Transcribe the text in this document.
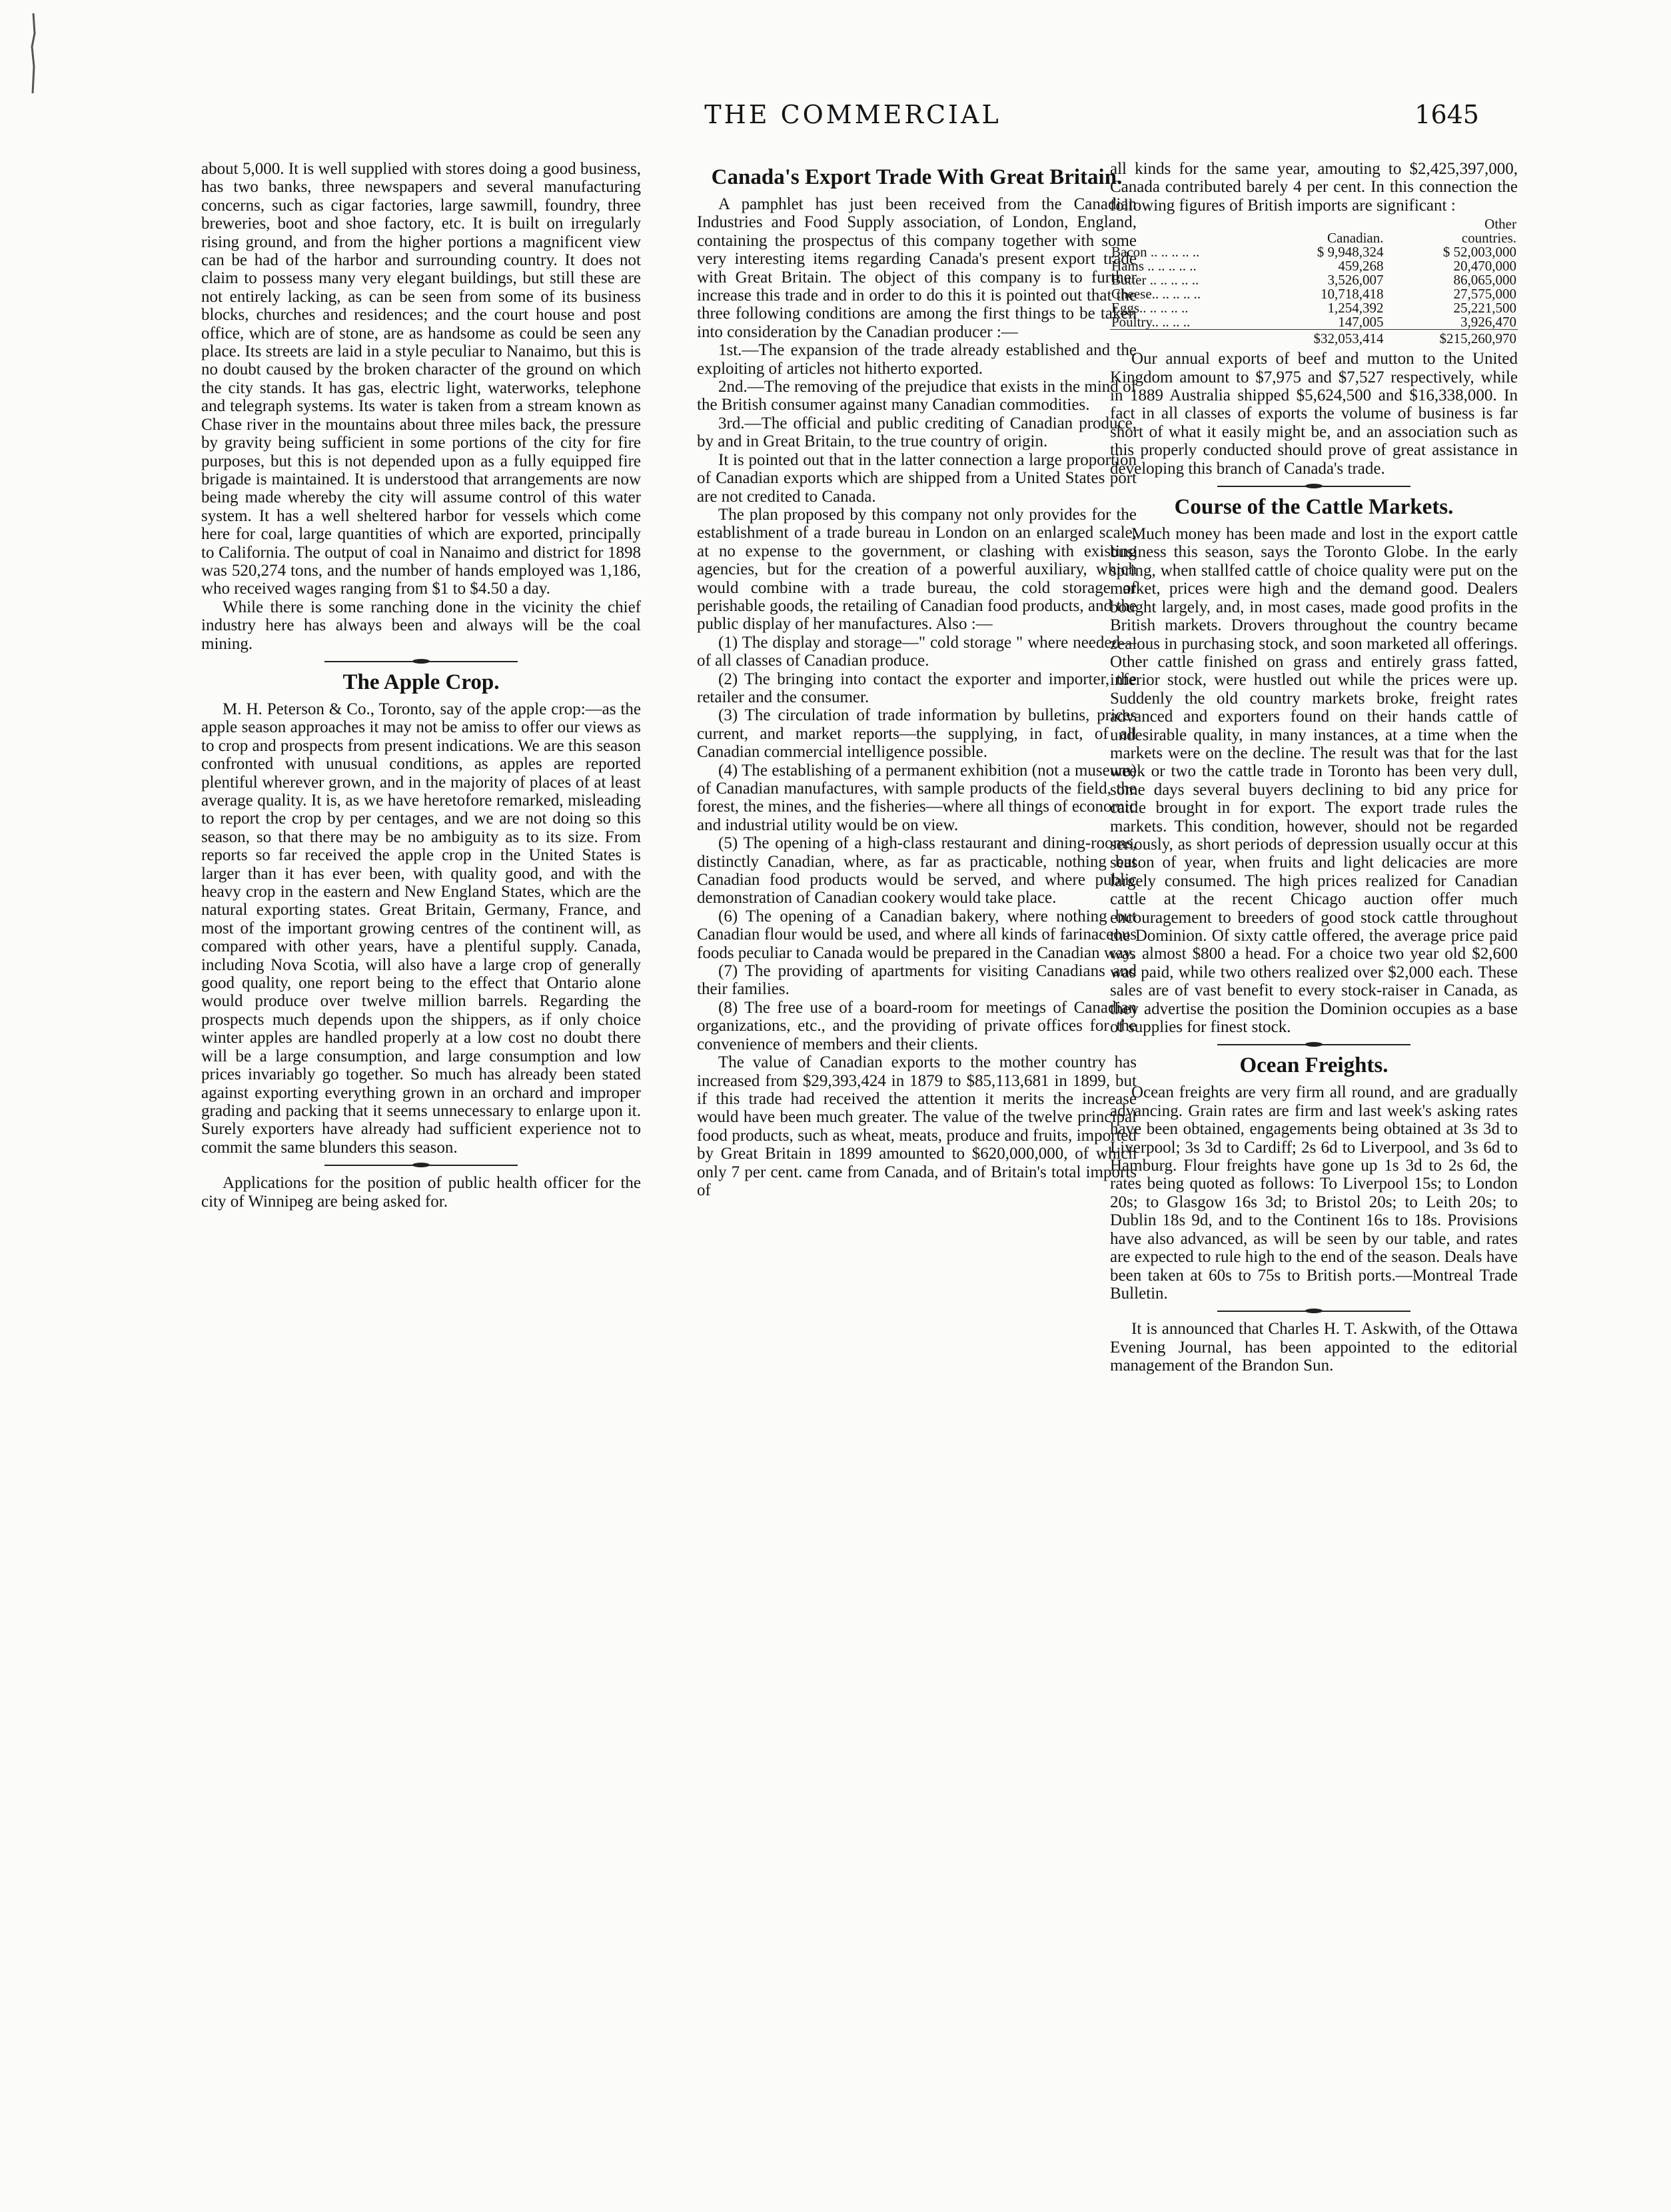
THE COMMERCIAL	1645

about 5,000. It is well supplied with stores doing a good business, has two banks, three newspapers and several manufacturing concerns, such as cigar factories, large sawmill, foundry, three breweries, boot and shoe factory, etc. It is built on irregularly rising ground, and from the higher portions a magnificent view can be had of the harbor and surrounding country. It does not claim to possess many very elegant buildings, but still these are not entirely lacking, as can be seen from some of its business blocks, churches and residences; and the court house and post office, which are of stone, are as handsome as could be seen any place. Its streets are laid in a style peculiar to Nanaimo, but this is no doubt caused by the broken character of the ground on which the city stands. It has gas, electric light, waterworks, telephone and telegraph systems. Its water is taken from a stream known as Chase river in the mountains about three miles back, the pressure by gravity being sufficient in some portions of the city for fire purposes, but this is not depended upon as a fully equipped fire brigade is maintained. It is understood that arrangements are now being made whereby the city will assume control of this water system. It has a well sheltered harbor for vessels which come here for coal, large quantities of which are exported, principally to California. The output of coal in Nanaimo and district for 1898 was 520,274 tons, and the number of hands employed was 1,186, who received wages ranging from $1 to $4.50 a day.

While there is some ranching done in the vicinity the chief industry here has always been and always will be the coal mining.

The Apple Crop.

M. H. Peterson & Co., Toronto, say of the apple crop:—as the apple season approaches it may not be amiss to offer our views as to crop and prospects from present indications. We are this season confronted with unusual conditions, as apples are reported plentiful wherever grown, and in the majority of places of at least average quality. It is, as we have heretofore remarked, misleading to report the crop by per centages, and we are not doing so this season, so that there may be no ambiguity as to its size. From reports so far received the apple crop in the United States is larger than it has ever been, with quality good, and with the heavy crop in the eastern and New England States, which are the natural exporting states. Great Britain, Germany, France, and most of the important growing centres of the continent will, as compared with other years, have a plentiful supply. Canada, including Nova Scotia, will also have a large crop of generally good quality, one report being to the effect that Ontario alone would produce over twelve million barrels. Regarding the prospects much depends upon the shippers, as if only choice winter apples are handled properly at a low cost no doubt there will be a large consumption, and large consumption and low prices invariably go together. So much has already been stated against exporting everything grown in an orchard and improper grading and packing that it seems unnecessary to enlarge upon it. Surely exporters have already had sufficient experience not to commit the same blunders this season.

Applications for the position of public health officer for the city of Winnipeg are being asked for.

Canada's Export Trade With Great Britain.

A pamphlet has just been received from the Canadian Industries and Food Supply association, of London, England, containing the prospectus of this company together with some very interesting items regarding Canada's present export trade with Great Britain. The object of this company is to further increase this trade and in order to do this it is pointed out that the three following conditions are among the first things to be taken into consideration by the Canadian producer :—

1st.—The expansion of the trade already established and the exploiting of articles not hitherto exported.

2nd.—The removing of the prejudice that exists in the mind of the British consumer against many Canadian commodities.

3rd.—The official and public crediting of Canadian produce, by and in Great Britain, to the true country of origin.

It is pointed out that in the latter connection a large proportion of Canadian exports which are shipped from a United States port are not credited to Canada.

The plan proposed by this company not only provides for the establishment of a trade bureau in London on an enlarged scale, at no expense to the government, or clashing with existing agencies, but for the creation of a powerful auxiliary, which would combine with a trade bureau, the cold storage of perishable goods, the retailing of Canadian food products, and the public display of her manufactures. Also :—

(1) The display and storage—" cold storage " where needed—of all classes of Canadian produce.

(2) The bringing into contact the exporter and importer, the retailer and the consumer.

(3) The circulation of trade information by bulletins, prices current, and market reports—the supplying, in fact, of all Canadian commercial intelligence possible.

(4) The establishing of a permanent exhibition (not a museum) of Canadian manufactures, with sample products of the field, the forest, the mines, and the fisheries—where all things of economic and industrial utility would be on view.

(5) The opening of a high-class restaurant and dining-rooms, distinctly Canadian, where, as far as practicable, nothing but Canadian food products would be served, and where public demonstration of Canadian cookery would take place.

(6) The opening of a Canadian bakery, where nothing but Canadian flour would be used, and where all kinds of farinaceous foods peculiar to Canada would be prepared in the Canadian way.

(7) The providing of apartments for visiting Canadians and their families.

(8) The free use of a board-room for meetings of Canadian organizations, etc., and the providing of private offices for the convenience of members and their clients.

The value of Canadian exports to the mother country has increased from $29,393,424 in 1879 to $85,113,681 in 1899, but if this trade had received the attention it merits the increase would have been much greater. The value of the twelve principal food products, such as wheat, meats, produce and fruits, imported by Great Britain in 1899 amounted to $620,000,000, of which only 7 per cent. came from Canada, and of Britain's total imports of

all kinds for the same year, amouting to $2,425,397,000, Canada contributed barely 4 per cent. In this connection the following figures of British imports are significant :

		Other
	Canadian.	countries.
Bacon .. .. .. .. ..	$ 9,948,324	$ 52,003,000
Hams .. .. .. .. ..	459,268	20,470,000
Butter .. .. .. .. ..	3,526,007	86,065,000
Cheese.. .. .. .. ..	10,718,418	27,575,000
Eggs.. .. .. .. ..	1,254,392	25,221,500
Poultry.. .. .. ..	147,005	3,926,470
	$32,053,414	$215,260,970

Our annual exports of beef and mutton to the United Kingdom amount to $7,975 and $7,527 respectively, while in 1889 Australia shipped $5,624,500 and $16,338,000. In fact in all classes of exports the volume of business is far short of what it easily might be, and an association such as this properly conducted should prove of great assistance in developing this branch of Canada's trade.

Course of the Cattle Markets.

Much money has been made and lost in the export cattle business this season, says the Toronto Globe. In the early spring, when stallfed cattle of choice quality were put on the market, prices were high and the demand good. Dealers bought largely, and, in most cases, made good profits in the British markets. Drovers throughout the country became zealous in purchasing stock, and soon marketed all offerings. Other cattle finished on grass and entirely grass fatted, inferior stock, were hustled out while the prices were up. Suddenly the old country markets broke, freight rates advanced and exporters found on their hands cattle of undesirable quality, in many instances, at a time when the markets were on the decline. The result was that for the last week or two the cattle trade in Toronto has been very dull, some days several buyers declining to bid any price for cattle brought in for export. The export trade rules the markets. This condition, however, should not be regarded seriously, as short periods of depression usually occur at this season of year, when fruits and light delicacies are more largely consumed. The high prices realized for Canadian cattle at the recent Chicago auction offer much encouragement to breeders of good stock cattle throughout the Dominion. Of sixty cattle offered, the average price paid was almost $800 a head. For a choice two year old $2,600 was paid, while two others realized over $2,000 each. These sales are of vast benefit to every stock-raiser in Canada, as they advertise the position the Dominion occupies as a base of supplies for finest stock.

Ocean Freights.

Ocean freights are very firm all round, and are gradually advancing. Grain rates are firm and last week's asking rates have been obtained, engagements being obtained at 3s 3d to Liverpool; 3s 3d to Cardiff; 2s 6d to Liverpool, and 3s 6d to Hamburg. Flour freights have gone up 1s 3d to 2s 6d, the rates being quoted as follows: To Liverpool 15s; to London 20s; to Glasgow 16s 3d; to Bristol 20s; to Leith 20s; to Dublin 18s 9d, and to the Continent 16s to 18s. Provisions have also advanced, as will be seen by our table, and rates are expected to rule high to the end of the season. Deals have been taken at 60s to 75s to British ports.—Montreal Trade Bulletin.

It is announced that Charles H. T. Askwith, of the Ottawa Evening Journal, has been appointed to the editorial management of the Brandon Sun.
